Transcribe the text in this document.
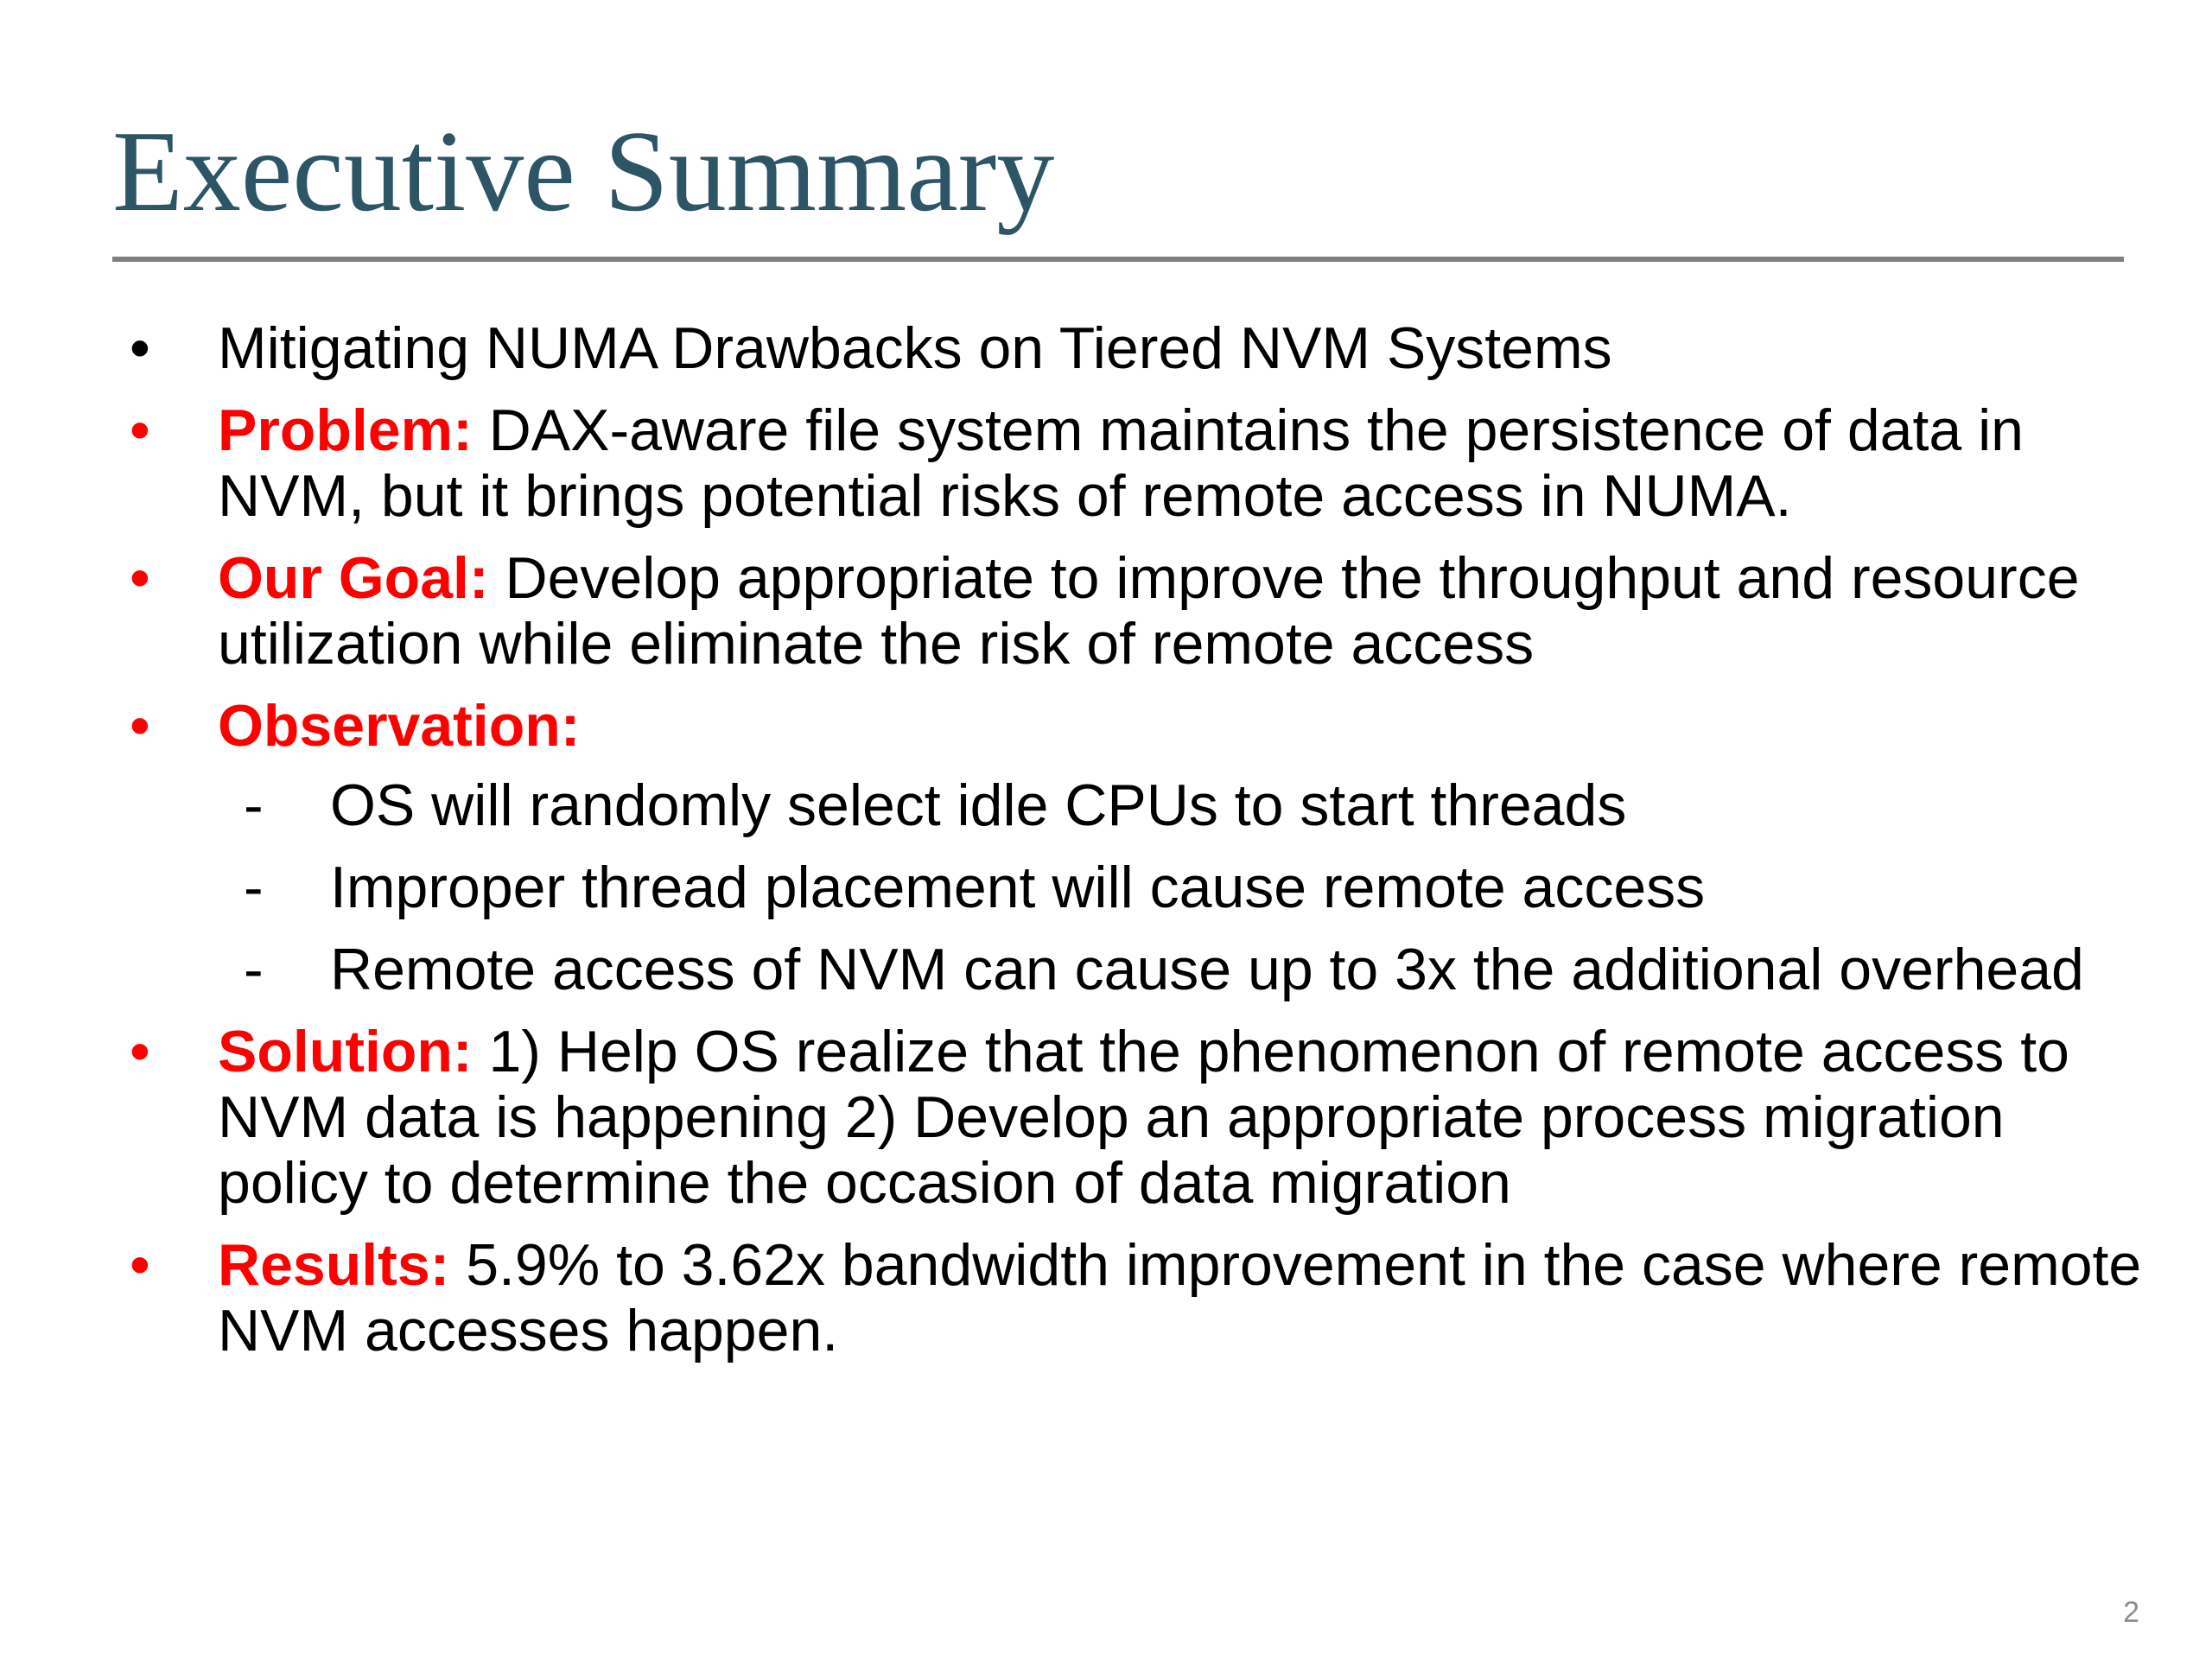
Executive Summary
• Mitigating NUMA Drawbacks on Tiered NVM Systems
• Problem: DAX-aware file system maintains the persistence of data in NVM, but it brings potential risks of remote access in NUMA.
• Our Goal: Develop appropriate to improve the throughput and resource utilization while eliminate the risk of remote access
• Observation:
- OS will randomly select idle CPUs to start threads
- Improper thread placement will cause remote access
- Remote access of NVM can cause up to 3x the additional overhead
• Solution: 1) Help OS realize that the phenomenon of remote access to NVM data is happening 2) Develop an appropriate process migration policy to determine the occasion of data migration
• Results: 5.9% to 3.62x bandwidth improvement in the case where remote NVM accesses happen.
2
